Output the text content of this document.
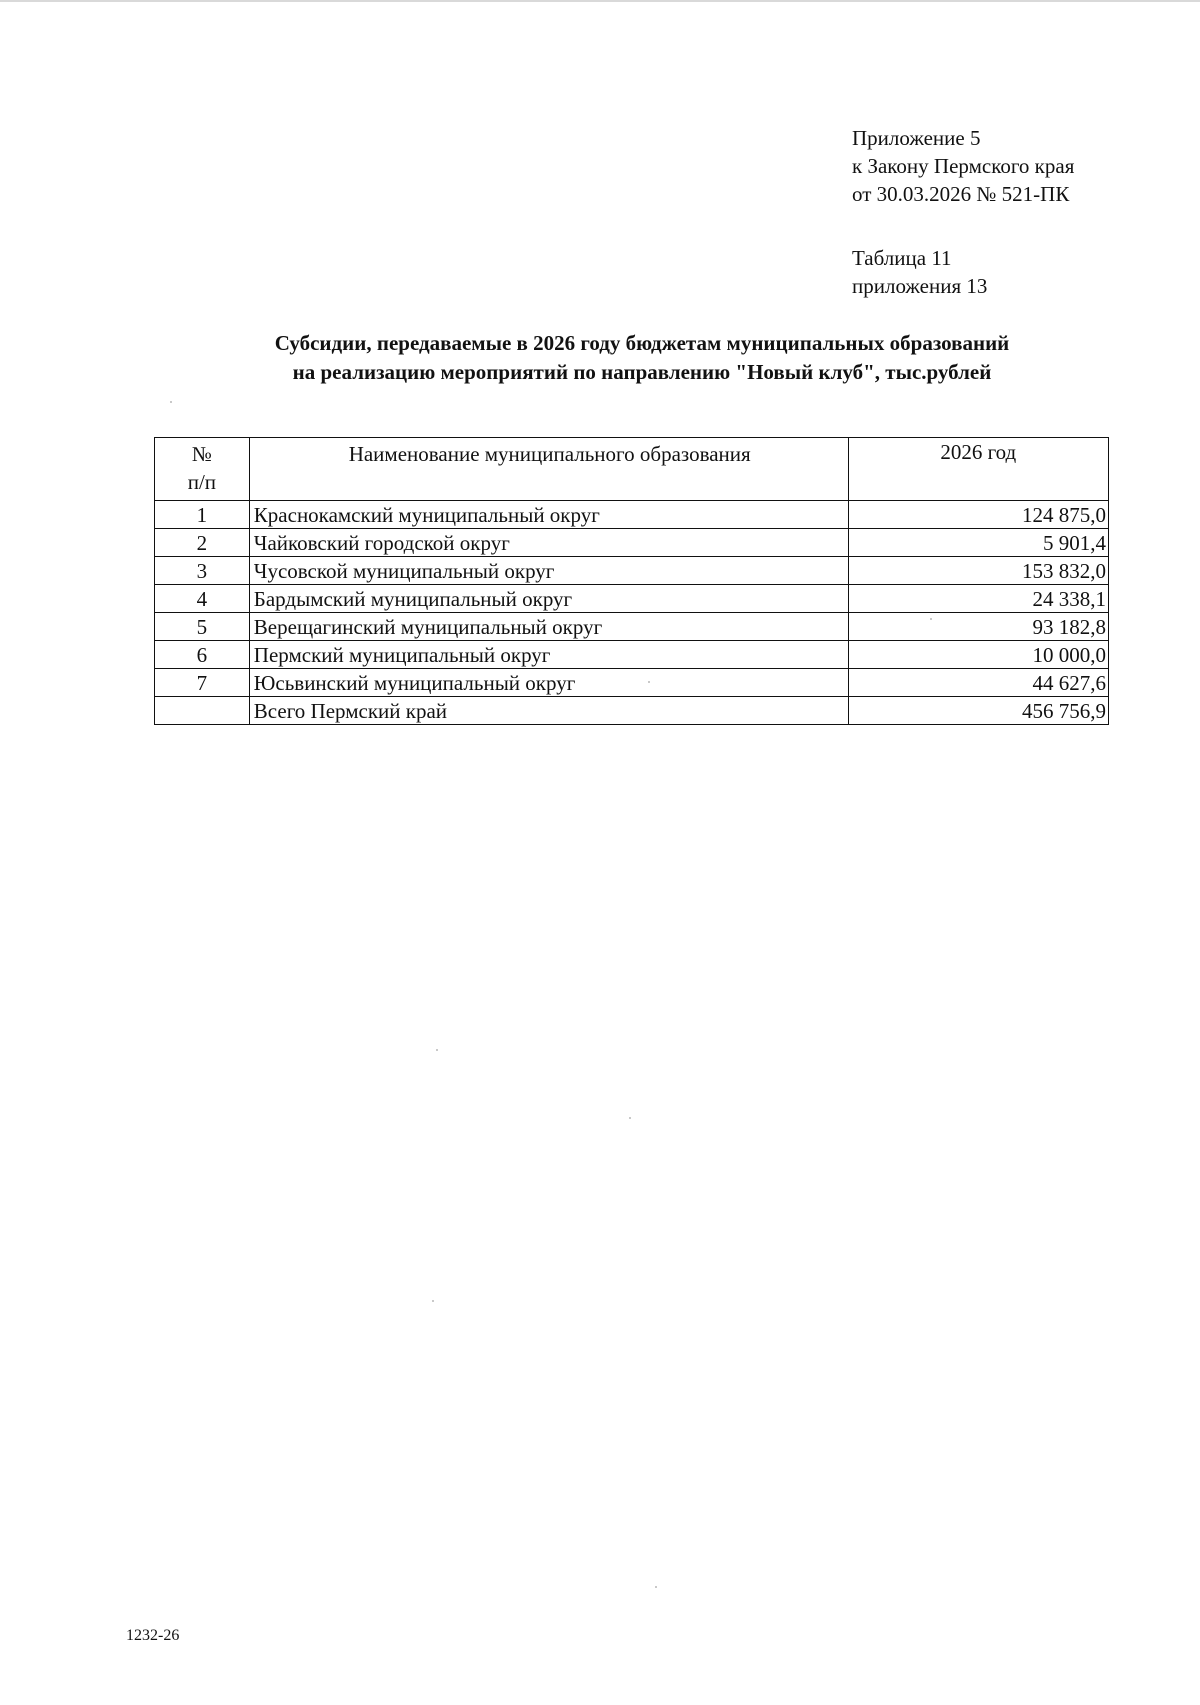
Приложение 5
к Закону Пермского края
от 30.03.2026 № 521-ПК
Таблица 11
приложения 13
Субсидии, передаваемые в 2026 году бюджетам муниципальных образований
на реализацию мероприятий по направлению "Новый клуб", тыс.рублей
№
п/п	Наименование муниципального образования	2026 год
1	Краснокамский муниципальный округ	124 875,0
2	Чайковский городской округ	5 901,4
3	Чусовской муниципальный округ	153 832,0
4	Бардымский муниципальный округ	24 338,1
5	Верещагинский муниципальный округ	93 182,8
6	Пермский муниципальный округ	10 000,0
7	Юсьвинский муниципальный округ	44 627,6
	Всего Пермский край	456 756,9
1232-26
